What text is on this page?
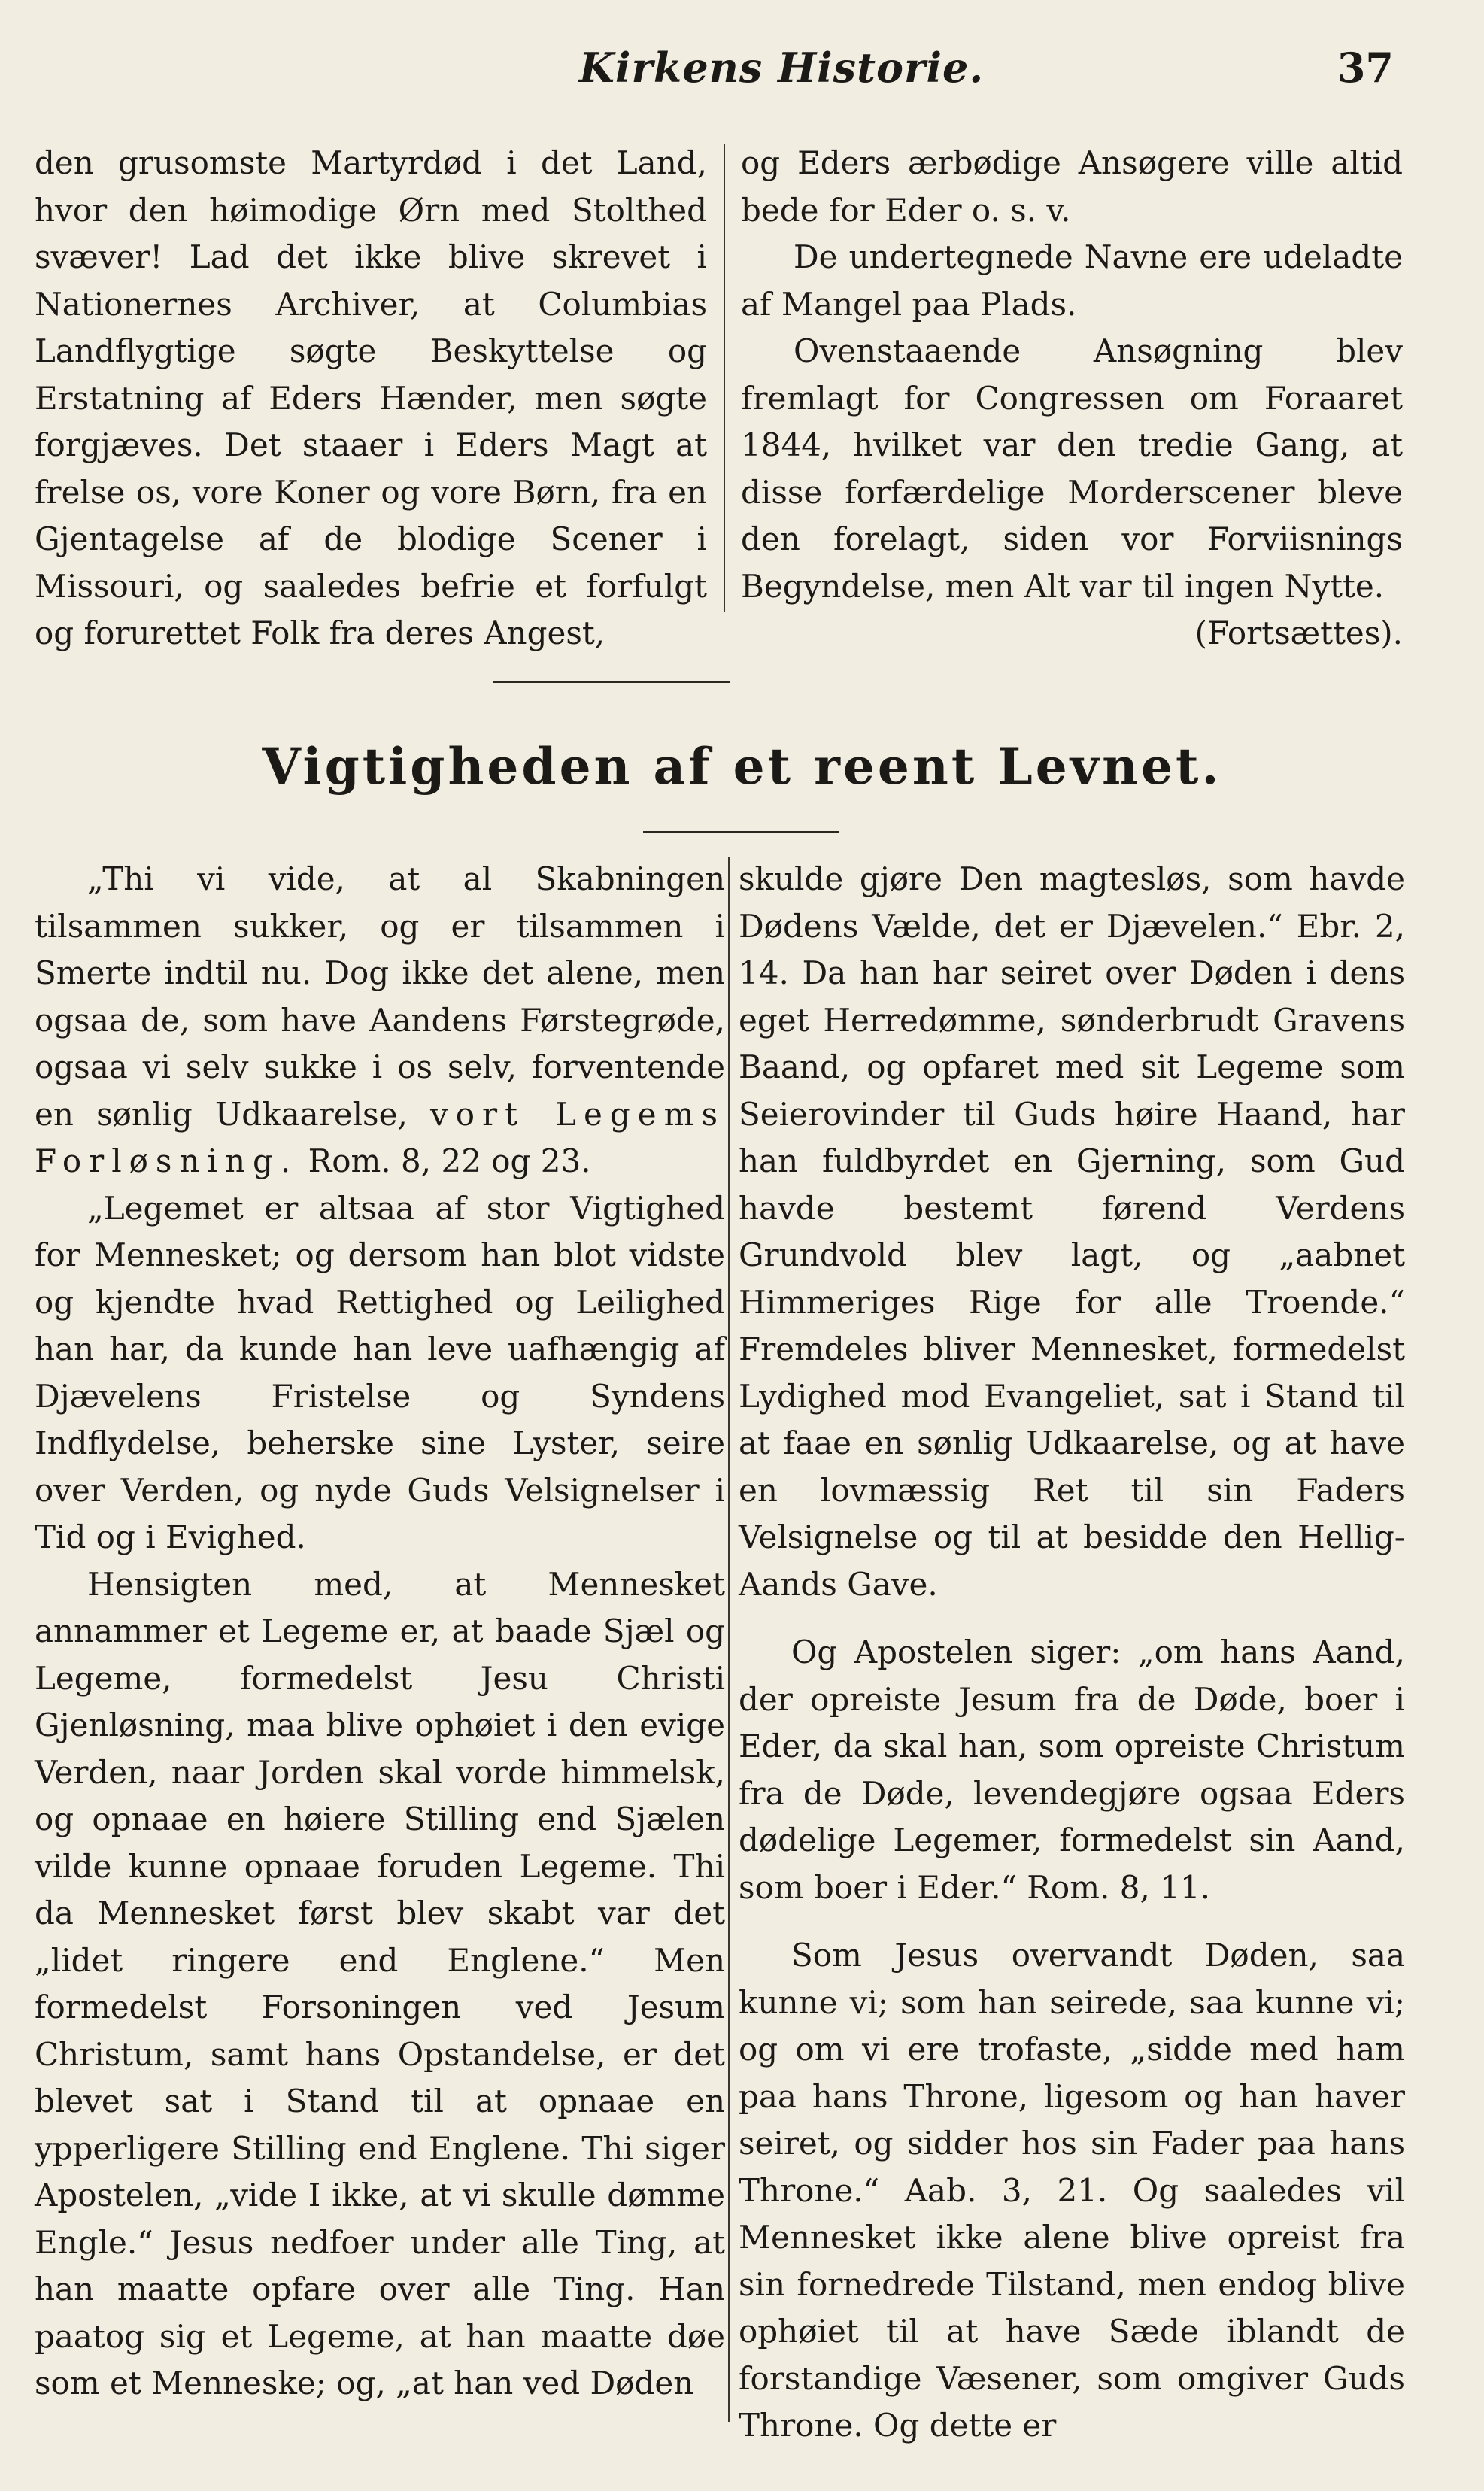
Kirkens Historie.	37

den grusomste Martyrdød i det Land, hvor den høimodige Ørn med Stolthed svæver! Lad det ikke blive skrevet i Nationernes Archiver, at Columbias Landflygtige søgte Beskyttelse og Erstatning af Eders Hænder, men søgte forgjæves. Det staaer i Eders Magt at frelse os, vore Koner og vore Børn, fra en Gjentagelse af de blodige Scener i Missouri, og saaledes befrie et forfulgt og forurettet Folk fra deres Angest,

og Eders ærbødige Ansøgere ville altid bede for Eder o. s. v.

De undertegnede Navne ere udeladte af Mangel paa Plads.

Ovenstaaende Ansøgning blev fremlagt for Congressen om Foraaret 1844, hvilket var den tredie Gang, at disse forfærdelige Morderscener bleve den forelagt, siden vor Forviisnings Begyndelse, men Alt var til ingen Nytte.
(Fortsættes).

Vigtigheden af et reent Levnet.

„Thi vi vide, at al Skabningen tilsammen sukker, og er tilsammen i Smerte indtil nu. Dog ikke det alene, men ogsaa de, som have Aandens Førstegrøde, ogsaa vi selv sukke i os selv, forventende en sønlig Udkaarelse, vort Legems Forløsning. Rom. 8, 22 og 23.

„Legemet er altsaa af stor Vigtighed for Mennesket; og dersom han blot vidste og kjendte hvad Rettighed og Leilighed han har, da kunde han leve uafhængig af Djævelens Fristelse og Syndens Indflydelse, beherske sine Lyster, seire over Verden, og nyde Guds Velsignelser i Tid og i Evighed.

Hensigten med, at Mennesket annammer et Legeme er, at baade Sjæl og Legeme, formedelst Jesu Christi Gjenløsning, maa blive ophøiet i den evige Verden, naar Jorden skal vorde himmelsk, og opnaae en høiere Stilling end Sjælen vilde kunne opnaae foruden Legeme. Thi da Mennesket først blev skabt var det „lidet ringere end Englene.“ Men formedelst Forsoningen ved Jesum Christum, samt hans Opstandelse, er det blevet sat i Stand til at opnaae en ypperligere Stilling end Englene. Thi siger Apostelen, „vide I ikke, at vi skulle dømme Engle.“ Jesus nedfoer under alle Ting, at han maatte opfare over alle Ting. Han paatog sig et Legeme, at han maatte døe som et Menneske; og, „at han ved Døden

skulde gjøre Den magtesløs, som havde Dødens Vælde, det er Djævelen.“ Ebr. 2, 14. Da han har seiret over Døden i dens eget Herredømme, sønderbrudt Gravens Baand, og opfaret med sit Legeme som Seierovinder til Guds høire Haand, har han fuldbyrdet en Gjerning, som Gud havde bestemt førend Verdens Grundvold blev lagt, og „aabnet Himmeriges Rige for alle Troende.“ Fremdeles bliver Mennesket, formedelst Lydighed mod Evangeliet, sat i Stand til at faae en sønlig Udkaarelse, og at have en lovmæssig Ret til sin Faders Velsignelse og til at besidde den Hellig-Aands Gave.

Og Apostelen siger: „om hans Aand, der opreiste Jesum fra de Døde, boer i Eder, da skal han, som opreiste Christum fra de Døde, levendegjøre ogsaa Eders dødelige Legemer, formedelst sin Aand, som boer i Eder.“ Rom. 8, 11.

Som Jesus overvandt Døden, saa kunne vi; som han seirede, saa kunne vi; og om vi ere trofaste, „sidde med ham paa hans Throne, ligesom og han haver seiret, og sidder hos sin Fader paa hans Throne.“ Aab. 3, 21. Og saaledes vil Mennesket ikke alene blive opreist fra sin fornedrede Tilstand, men endog blive ophøiet til at have Sæde iblandt de forstandige Væsener, som omgiver Guds Throne. Og dette er
